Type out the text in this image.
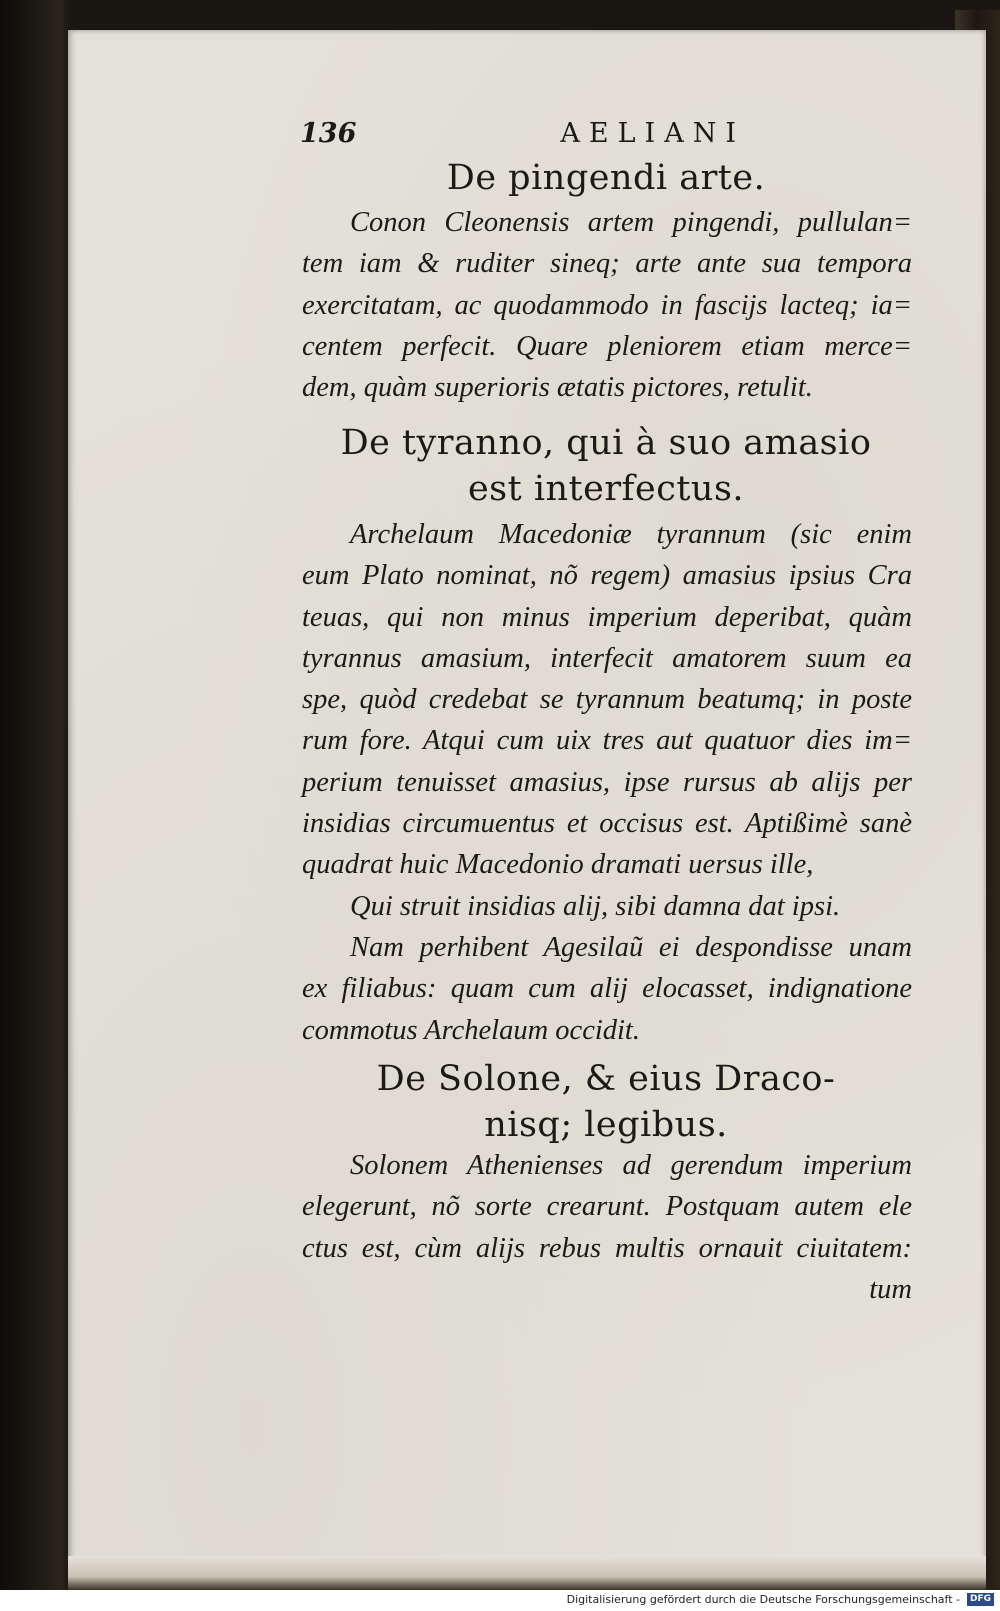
136	AELIANI
De pingendi arte.
Conon Cleonensis artem pingendi, pullulan=
tem iam & ruditer sineq; arte ante sua tempora
exercitatam, ac quodammodo in fascijs lacteq; ia=
centem perfecit. Quare pleniorem etiam merce=
dem, quàm superioris ætatis pictores, retulit.
De tyranno, qui à suo amasio
est interfectus.
Archelaum Macedoniæ tyrannum (sic enim
eum Plato nominat, nõ regem) amasius ipsius Cra
teuas, qui non minus imperium deperibat, quàm
tyrannus amasium, interfecit amatorem suum ea
spe, quòd credebat se tyrannum beatumq; in poste
rum fore. Atqui cum uix tres aut quatuor dies im=
perium tenuisset amasius, ipse rursus ab alijs per
insidias circumuentus et occisus est. Aptißimè sanè
quadrat huic Macedonio dramati uersus ille,
Qui struit insidias alij, sibi damna dat ipsi.
Nam perhibent Agesilaũ ei despondisse unam
ex filiabus: quam cum alij elocasset, indignatione
commotus Archelaum occidit.
De Solone, & eius Draco-
nisq; legibus.
Solonem Athenienses ad gerendum imperium
elegerunt, nõ sorte crearunt. Postquam autem ele
ctus est, cùm alijs rebus multis ornauit ciuitatem:
tum
Digitalisierung gefördert durch die Deutsche Forschungsgemeinschaft -	DFG
